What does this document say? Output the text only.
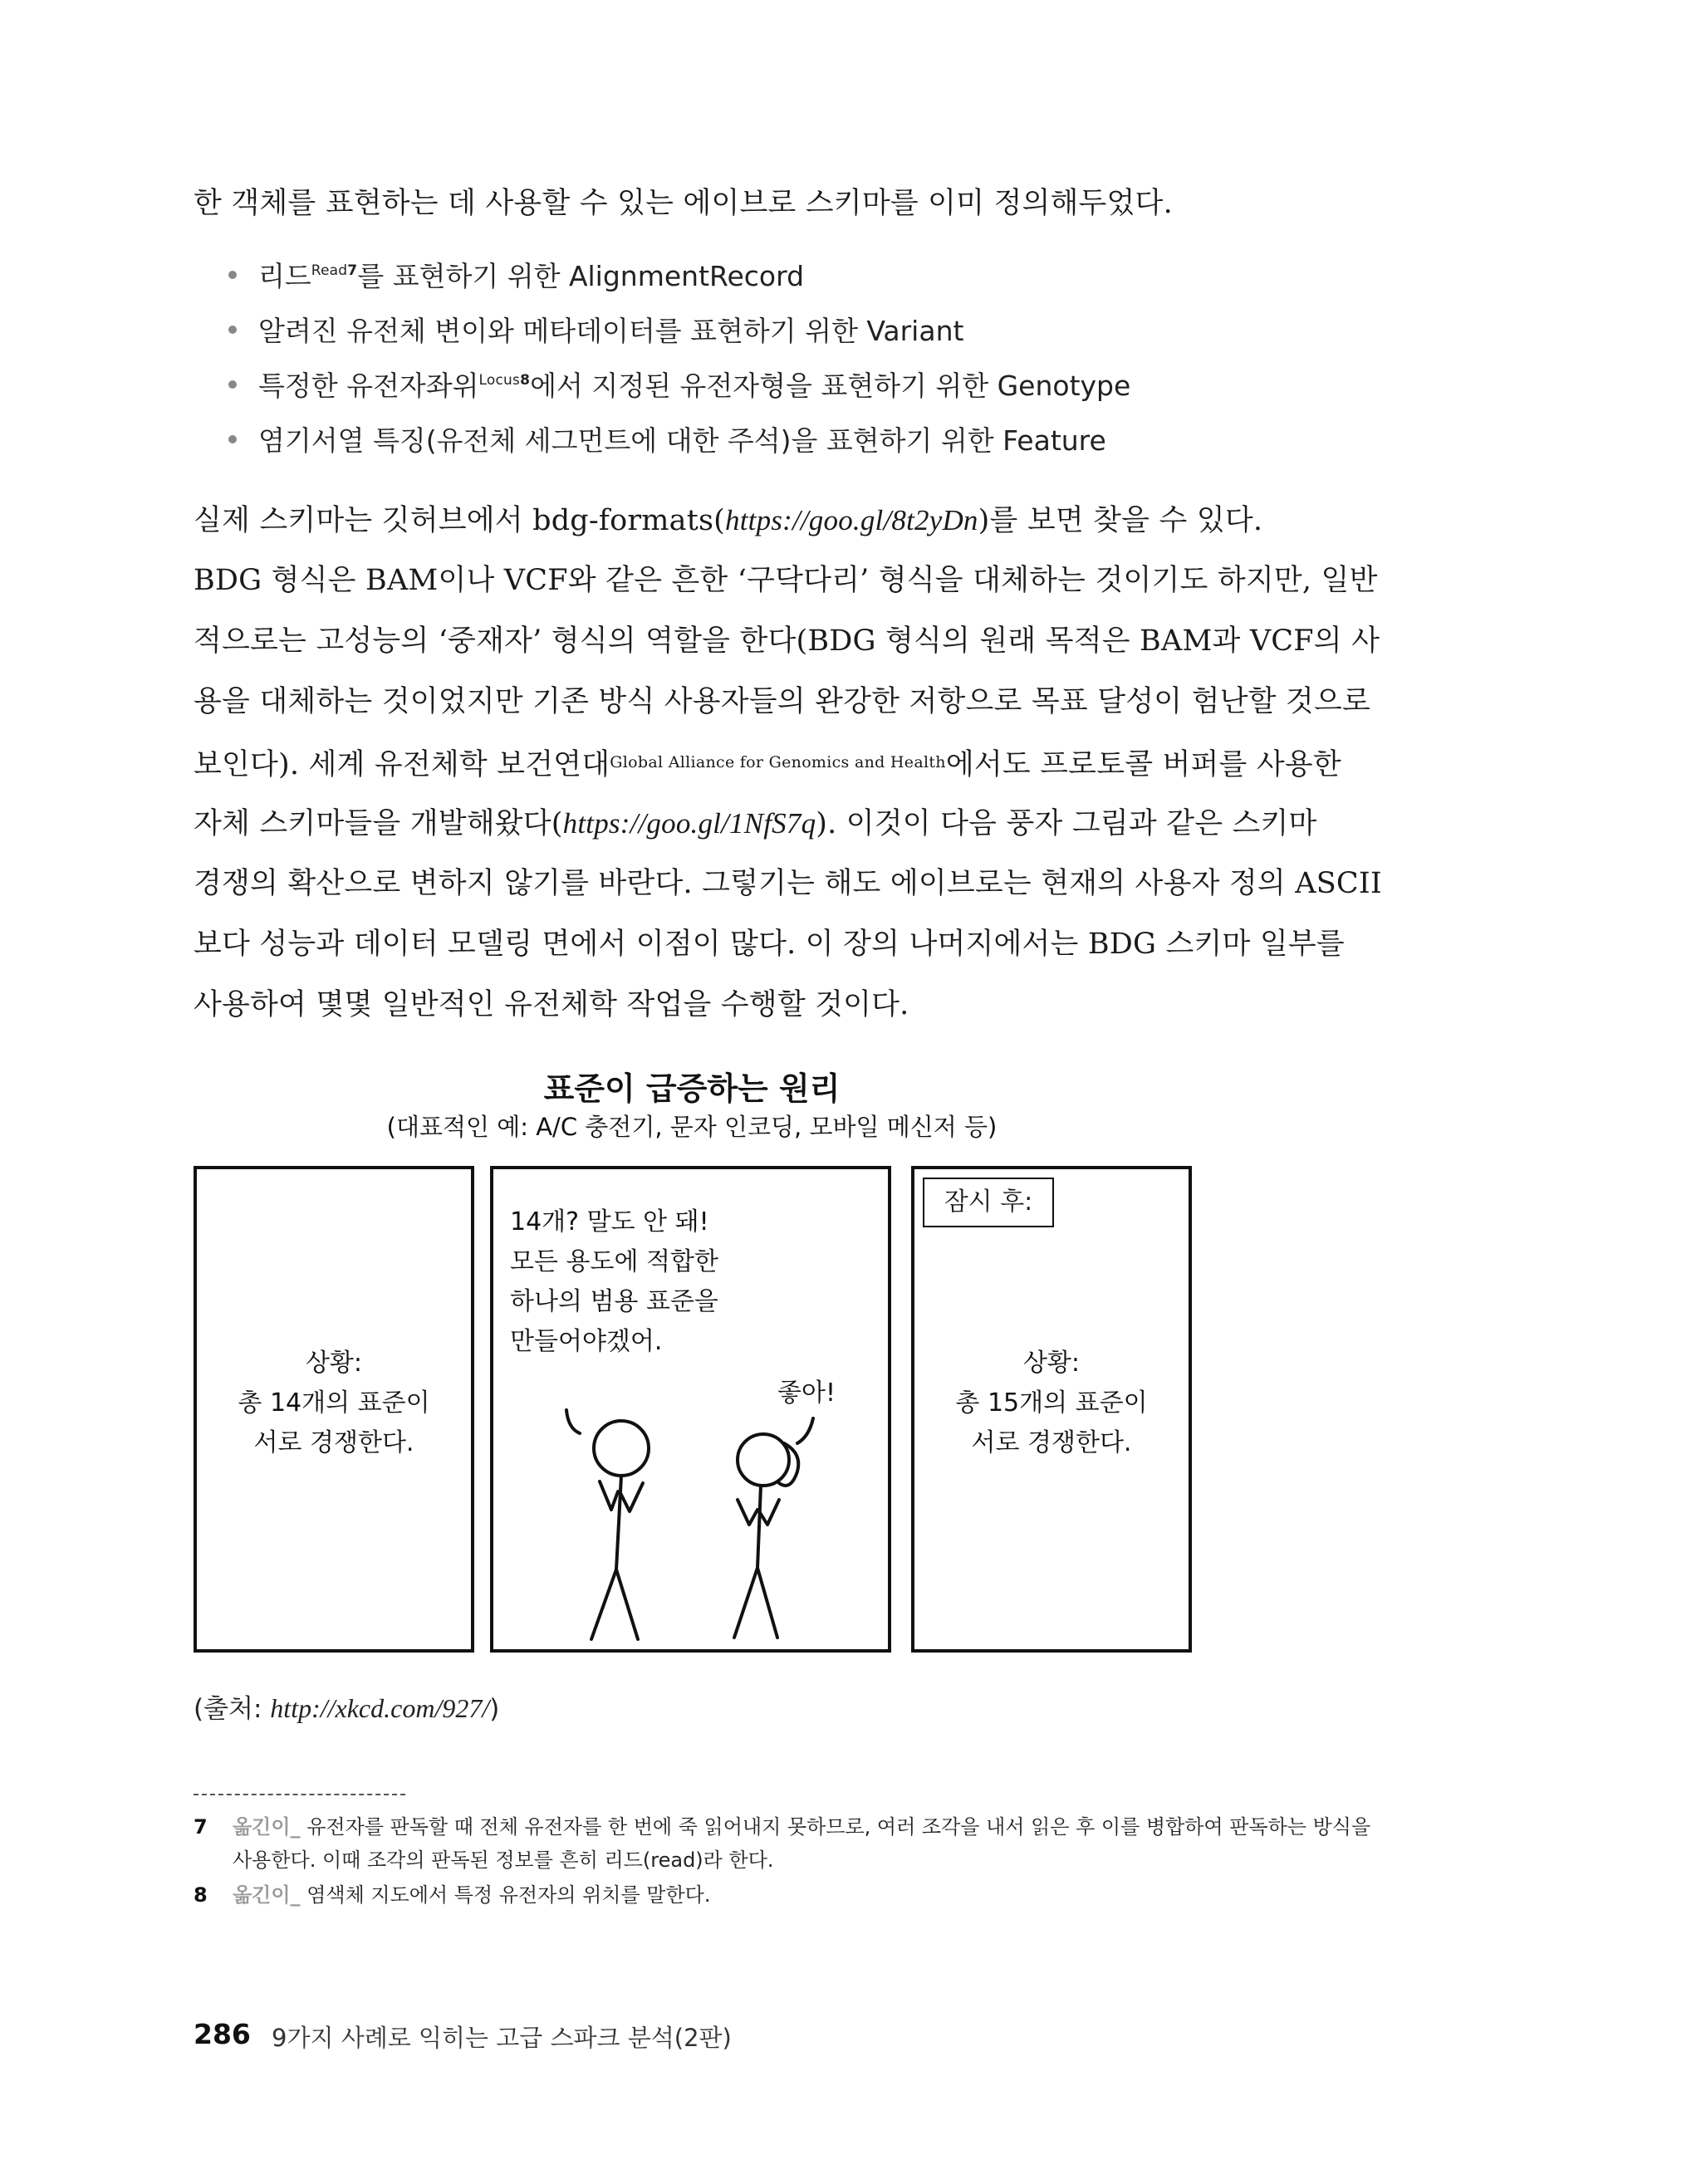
한 객체를 표현하는 데 사용할 수 있는 에이브로 스키마를 이미 정의해두었다.
리드$^{Read7}$를 표현하기 위한 AlignmentRecord
알려진 유전체 변이와 메타데이터를 표현하기 위한 Variant
특정한 유전자좌위$^{Locus8}$에서 지정된 유전자형을 표현하기 위한 Genotype
염기서열 특징(유전체 세그먼트에 대한 주석)을 표현하기 위한 Feature
실제 스키마는 깃허브에서 bdg-formats(https://goo.gl/8t2yDn)를 보면 찾을 수 있다.
BDG 형식은 BAM이나 VCF와 같은 흔한 ‘구닥다리’ 형식을 대체하는 것이기도 하지만, 일반
적으로는 고성능의 ‘중재자’ 형식의 역할을 한다(BDG 형식의 원래 목적은 BAM과 VCF의 사
용을 대체하는 것이었지만 기존 방식 사용자들의 완강한 저항으로 목표 달성이 험난할 것으로
보인다). 세계 유전체학 보건연대$^{Global Alliance for Genomics and Health}$에서도 프로토콜 버퍼를 사용한
자체 스키마들을 개발해왔다(https://goo.gl/1NfS7q). 이것이 다음 풍자 그림과 같은 스키마
경쟁의 확산으로 변하지 않기를 바란다. 그렇기는 해도 에이브로는 현재의 사용자 정의 ASCII
보다 성능과 데이터 모델링 면에서 이점이 많다. 이 장의 나머지에서는 BDG 스키마 일부를
사용하여 몇몇 일반적인 유전체학 작업을 수행할 것이다.
표준이 급증하는 원리
(대표적인 예: A/C 충전기, 문자 인코딩, 모바일 메신저 등)
상황:
총 14개의 표준이
서로 경쟁한다.
14개? 말도 안 돼!
모든 용도에 적합한
하나의 범용 표준을
만들어야겠어.
좋아!
잠시 후:
상황:
총 15개의 표준이
서로 경쟁한다.
(출처: http://xkcd.com/927/)
7 옮긴이_ 유전자를 판독할 때 전체 유전자를 한 번에 죽 읽어내지 못하므로, 여러 조각을 내서 읽은 후 이를 병합하여 판독하는 방식을 사용한다. 이때 조각의 판독된 정보를 흔히 리드(read)라 한다.
8 옮긴이_ 염색체 지도에서 특정 유전자의 위치를 말한다.
286 9가지 사례로 익히는 고급 스파크 분석(2판)
